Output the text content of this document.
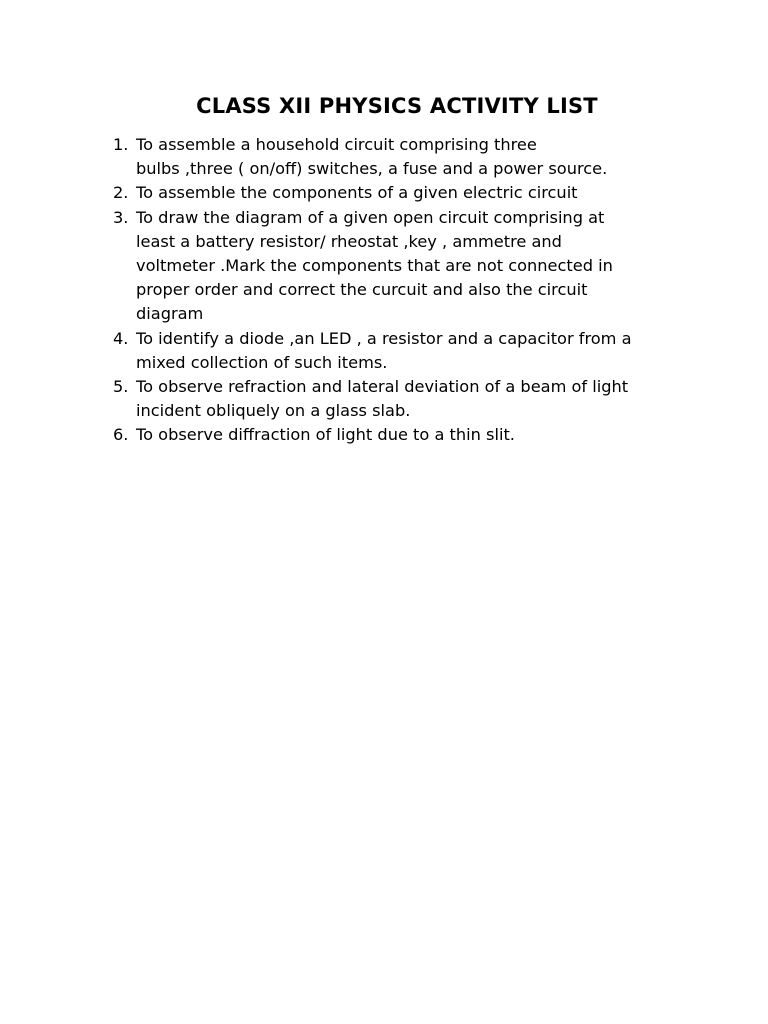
CLASS XII PHYSICS ACTIVITY LIST
1. To assemble a household circuit comprising three
bulbs ,three ( on/off) switches, a fuse and a power source.
2. To assemble the components of a given electric circuit
3. To draw the diagram of a given open circuit comprising at
least a battery resistor/ rheostat ,key , ammetre and
voltmeter .Mark the components that are not connected in
proper order and correct the curcuit and also the circuit
diagram
4. To identify a diode ,an LED , a resistor and a capacitor from a
mixed collection of such items.
5. To observe refraction and lateral deviation of a beam of light
incident obliquely on a glass slab.
6. To observe diffraction of light due to a thin slit.
